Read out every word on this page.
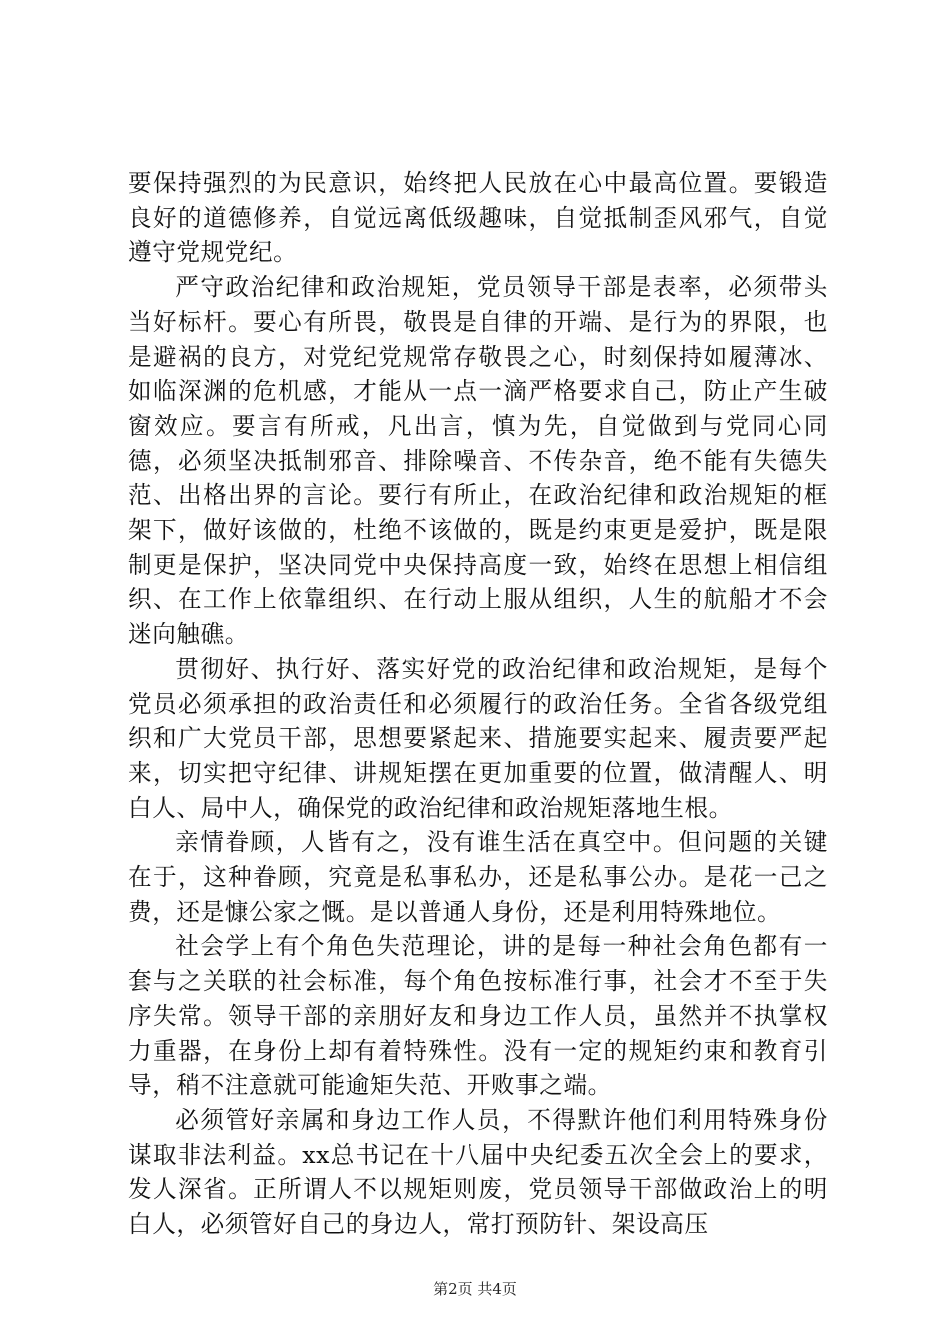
要保持强烈的为民意识，始终把人民放在心中最高位置。要锻造良好的道德修养，自觉远离低级趣味，自觉抵制歪风邪气，自觉遵守党规党纪。

严守政治纪律和政治规矩，党员领导干部是表率，必须带头当好标杆。要心有所畏，敬畏是自律的开端、是行为的界限，也是避祸的良方，对党纪党规常存敬畏之心，时刻保持如履薄冰、如临深渊的危机感，才能从一点一滴严格要求自己，防止产生破窗效应。要言有所戒，凡出言，慎为先，自觉做到与党同心同德，必须坚决抵制邪音、排除噪音、不传杂音，绝不能有失德失范、出格出界的言论。要行有所止，在政治纪律和政治规矩的框架下，做好该做的，杜绝不该做的，既是约束更是爱护，既是限制更是保护，坚决同党中央保持高度一致，始终在思想上相信组织、在工作上依靠组织、在行动上服从组织，人生的航船才不会迷向触礁。

贯彻好、执行好、落实好党的政治纪律和政治规矩，是每个党员必须承担的政治责任和必须履行的政治任务。全省各级党组织和广大党员干部，思想要紧起来、措施要实起来、履责要严起来，切实把守纪律、讲规矩摆在更加重要的位置，做清醒人、明白人、局中人，确保党的政治纪律和政治规矩落地生根。

亲情眷顾，人皆有之，没有谁生活在真空中。但问题的关键在于，这种眷顾，究竟是私事私办，还是私事公办。是花一己之费，还是慷公家之慨。是以普通人身份，还是利用特殊地位。

社会学上有个角色失范理论，讲的是每一种社会角色都有一套与之关联的社会标准，每个角色按标准行事，社会才不至于失序失常。领导干部的亲朋好友和身边工作人员，虽然并不执掌权力重器，在身份上却有着特殊性。没有一定的规矩约束和教育引导，稍不注意就可能逾矩失范、开败事之端。

必须管好亲属和身边工作人员，不得默许他们利用特殊身份谋取非法利益。xx总书记在十八届中央纪委五次全会上的要求，发人深省。正所谓人不以规矩则废，党员领导干部做政治上的明白人，必须管好自己的身边人，常打预防针、架设高压

第2页 共4页
